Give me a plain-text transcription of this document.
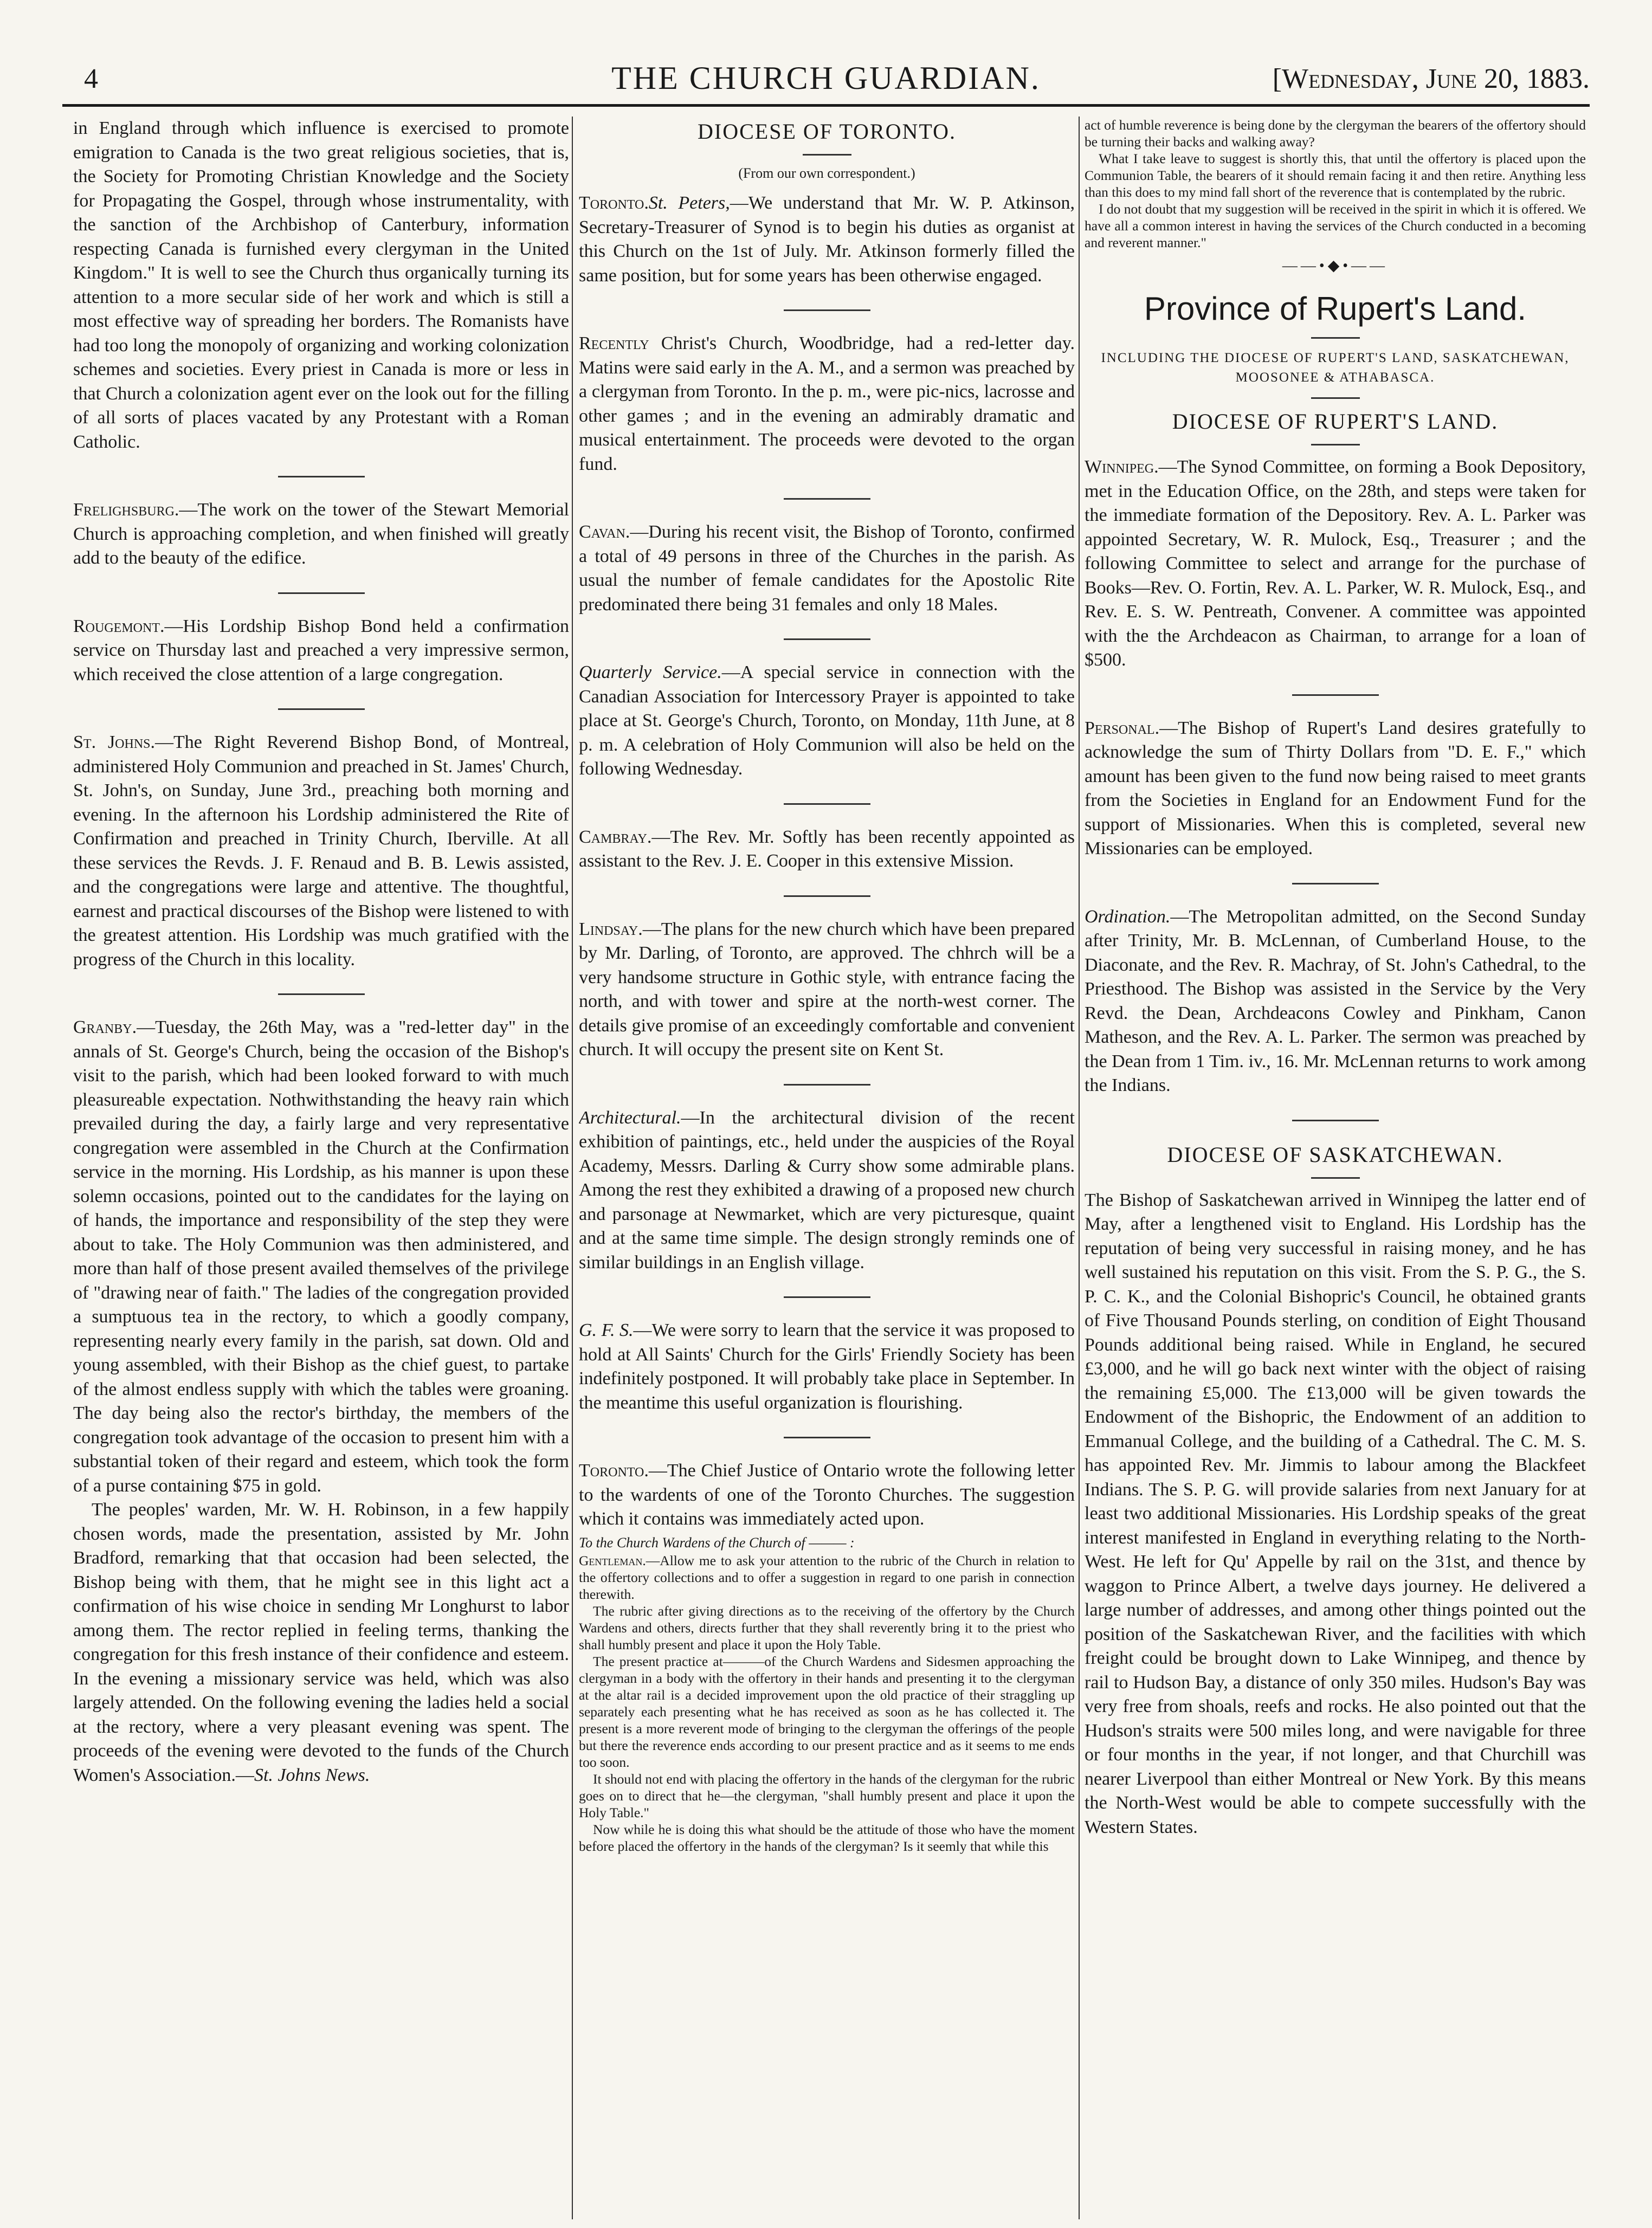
4	THE CHURCH GUARDIAN.	[Wednesday, June 20, 1883.

in England through which influence is exercised to promote emigration to Canada is the two great religious societies, that is, the Society for Promoting Christian Knowledge and the Society for Propagating the Gospel, through whose instrumentality, with the sanction of the Archbishop of Canterbury, information respecting Canada is furnished every clergyman in the United Kingdom." It is well to see the Church thus organically turning its attention to a more secular side of her work and which is still a most effective way of spreading her borders. The Romanists have had too long the monopoly of organizing and working colonization schemes and societies. Every priest in Canada is more or less in that Church a colonization agent ever on the look out for the filling of all sorts of places vacated by any Protestant with a Roman Catholic.

Frelighsburg.—The work on the tower of the Stewart Memorial Church is approaching completion, and when finished will greatly add to the beauty of the edifice.

Rougemont.—His Lordship Bishop Bond held a confirmation service on Thursday last and preached a very impressive sermon, which received the close attention of a large congregation.

St. Johns.—The Right Reverend Bishop Bond, of Montreal, administered Holy Communion and preached in St. James' Church, St. John's, on Sunday, June 3rd., preaching both morning and evening. In the afternoon his Lordship administered the Rite of Confirmation and preached in Trinity Church, Iberville. At all these services the Revds. J. F. Renaud and B. B. Lewis assisted, and the congregations were large and attentive. The thoughtful, earnest and practical discourses of the Bishop were listened to with the greatest attention. His Lordship was much gratified with the progress of the Church in this locality.

Granby.—Tuesday, the 26th May, was a "red-letter day" in the annals of St. George's Church, being the occasion of the Bishop's visit to the parish, which had been looked forward to with much pleasureable expectation. Nothwithstanding the heavy rain which prevailed during the day, a fairly large and very representative congregation were assembled in the Church at the Confirmation service in the morning. His Lordship, as his manner is upon these solemn occasions, pointed out to the candidates for the laying on of hands, the importance and responsibility of the step they were about to take. The Holy Communion was then administered, and more than half of those present availed themselves of the privilege of "drawing near of faith." The ladies of the congregation provided a sumptuous tea in the rectory, to which a goodly company, representing nearly every family in the parish, sat down. Old and young assembled, with their Bishop as the chief guest, to partake of the almost endless supply with which the tables were groaning. The day being also the rector's birthday, the members of the congregation took advantage of the occasion to present him with a substantial token of their regard and esteem, which took the form of a purse containing $75 in gold.

The peoples' warden, Mr. W. H. Robinson, in a few happily chosen words, made the presentation, assisted by Mr. John Bradford, remarking that that occasion had been selected, the Bishop being with them, that he might see in this light act a confirmation of his wise choice in sending Mr Longhurst to labor among them. The rector replied in feeling terms, thanking the congregation for this fresh instance of their confidence and esteem. In the evening a missionary service was held, which was also largely attended. On the following evening the ladies held a social at the rectory, where a very pleasant evening was spent. The proceeds of the evening were devoted to the funds of the Church Women's Association.—St. Johns News.

DIOCESE OF TORONTO.
(From our own correspondent.)

Toronto.St. Peters,—We understand that Mr. W. P. Atkinson, Secretary-Treasurer of Synod is to begin his duties as organist at this Church on the 1st of July. Mr. Atkinson formerly filled the same position, but for some years has been otherwise engaged.

Recently Christ's Church, Woodbridge, had a red-letter day. Matins were said early in the A. M., and a sermon was preached by a clergyman from Toronto. In the p. m., were pic-nics, lacrosse and other games ; and in the evening an admirably dramatic and musical entertainment. The proceeds were devoted to the organ fund.

Cavan.—During his recent visit, the Bishop of Toronto, confirmed a total of 49 persons in three of the Churches in the parish. As usual the number of female candidates for the Apostolic Rite predominated there being 31 females and only 18 Males.

Quarterly Service.—A special service in connection with the Canadian Association for Intercessory Prayer is appointed to take place at St. George's Church, Toronto, on Monday, 11th June, at 8 p. m. A celebration of Holy Communion will also be held on the following Wednesday.

Cambray.—The Rev. Mr. Softly has been recently appointed as assistant to the Rev. J. E. Cooper in this extensive Mission.

Lindsay.—The plans for the new church which have been prepared by Mr. Darling, of Toronto, are approved. The chhrch will be a very handsome structure in Gothic style, with entrance facing the north, and with tower and spire at the north-west corner. The details give promise of an exceedingly comfortable and convenient church. It will occupy the present site on Kent St.

Architectural.—In the architectural division of the recent exhibition of paintings, etc., held under the auspicies of the Royal Academy, Messrs. Darling & Curry show some admirable plans. Among the rest they exhibited a drawing of a proposed new church and parsonage at Newmarket, which are very picturesque, quaint and at the same time simple. The design strongly reminds one of similar buildings in an English village.

G. F. S.—We were sorry to learn that the service it was proposed to hold at All Saints' Church for the Girls' Friendly Society has been indefinitely postponed. It will probably take place in September. In the meantime this useful organization is flourishing.

Toronto.—The Chief Justice of Ontario wrote the following letter to the wardents of one of the Toronto Churches. The suggestion which it contains was immediately acted upon.

To the Church Wardens of the Church of ——— :

Gentleman.—Allow me to ask your attention to the rubric of the Church in relation to the offertory collections and to offer a suggestion in regard to one parish in connection therewith.

The rubric after giving directions as to the receiving of the offertory by the Church Wardens and others, directs further that they shall reverently bring it to the priest who shall humbly present and place it upon the Holy Table.

The present practice at———of the Church Wardens and Sidesmen approaching the clergyman in a body with the offertory in their hands and presenting it to the clergyman at the altar rail is a decided improvement upon the old practice of their straggling up separately each presenting what he has received as soon as he has collected it. The present is a more reverent mode of bringing to the clergyman the offerings of the people but there the reverence ends according to our present practice and as it seems to me ends too soon.

It should not end with placing the offertory in the hands of the clergyman for the rubric goes on to direct that he—the clergyman, "shall humbly present and place it upon the Holy Table."

Now while he is doing this what should be the attitude of those who have the moment before placed the offertory in the hands of the clergyman? Is it seemly that while this

act of humble reverence is being done by the clergyman the bearers of the offertory should be turning their backs and walking away?

What I take leave to suggest is shortly this, that until the offertory is placed upon the Communion Table, the bearers of it should remain facing it and then retire. Anything less than this does to my mind fall short of the reverence that is contemplated by the rubric.

I do not doubt that my suggestion will be received in the spirit in which it is offered. We have all a common interest in having the services of the Church conducted in a becoming and reverent manner."

——•◆•——
Province of Rupert's Land.
INCLUDING THE DIOCESE OF RUPERT'S LAND, SASKATCHEWAN, MOOSONEE & ATHABASCA.
DIOCESE OF RUPERT'S LAND.

Winnipeg.—The Synod Committee, on forming a Book Depository, met in the Education Office, on the 28th, and steps were taken for the immediate formation of the Depository. Rev. A. L. Parker was appointed Secretary, W. R. Mulock, Esq., Treasurer ; and the following Committee to select and arrange for the purchase of Books—Rev. O. Fortin, Rev. A. L. Parker, W. R. Mulock, Esq., and Rev. E. S. W. Pentreath, Convener. A committee was appointed with the the Archdeacon as Chairman, to arrange for a loan of $500.

Personal.—The Bishop of Rupert's Land desires gratefully to acknowledge the sum of Thirty Dollars from "D. E. F.," which amount has been given to the fund now being raised to meet grants from the Societies in England for an Endowment Fund for the support of Missionaries. When this is completed, several new Missionaries can be employed.

Ordination.—The Metropolitan admitted, on the Second Sunday after Trinity, Mr. B. McLennan, of Cumberland House, to the Diaconate, and the Rev. R. Machray, of St. John's Cathedral, to the Priesthood. The Bishop was assisted in the Service by the Very Revd. the Dean, Archdeacons Cowley and Pinkham, Canon Matheson, and the Rev. A. L. Parker. The sermon was preached by the Dean from 1 Tim. iv., 16. Mr. McLennan returns to work among the Indians.

DIOCESE OF SASKATCHEWAN.

The Bishop of Saskatchewan arrived in Winnipeg the latter end of May, after a lengthened visit to England. His Lordship has the reputation of being very successful in raising money, and he has well sustained his reputation on this visit. From the S. P. G., the S. P. C. K., and the Colonial Bishopric's Council, he obtained grants of Five Thousand Pounds sterling, on condition of Eight Thousand Pounds additional being raised. While in England, he secured £3,000, and he will go back next winter with the object of raising the remaining £5,000. The £13,000 will be given towards the Endowment of the Bishopric, the Endowment of an addition to Emmanual College, and the building of a Cathedral. The C. M. S. has appointed Rev. Mr. Jimmis to labour among the Blackfeet Indians. The S. P. G. will provide salaries from next January for at least two additional Missionaries. His Lordship speaks of the great interest manifested in England in everything relating to the North-West. He left for Qu' Appelle by rail on the 31st, and thence by waggon to Prince Albert, a twelve days journey. He delivered a large number of addresses, and among other things pointed out the position of the Saskatchewan River, and the facilities with which freight could be brought down to Lake Winnipeg, and thence by rail to Hudson Bay, a distance of only 350 miles. Hudson's Bay was very free from shoals, reefs and rocks. He also pointed out that the Hudson's straits were 500 miles long, and were navigable for three or four months in the year, if not longer, and that Churchill was nearer Liverpool than either Montreal or New York. By this means the North-West would be able to compete successfully with the Western States.
